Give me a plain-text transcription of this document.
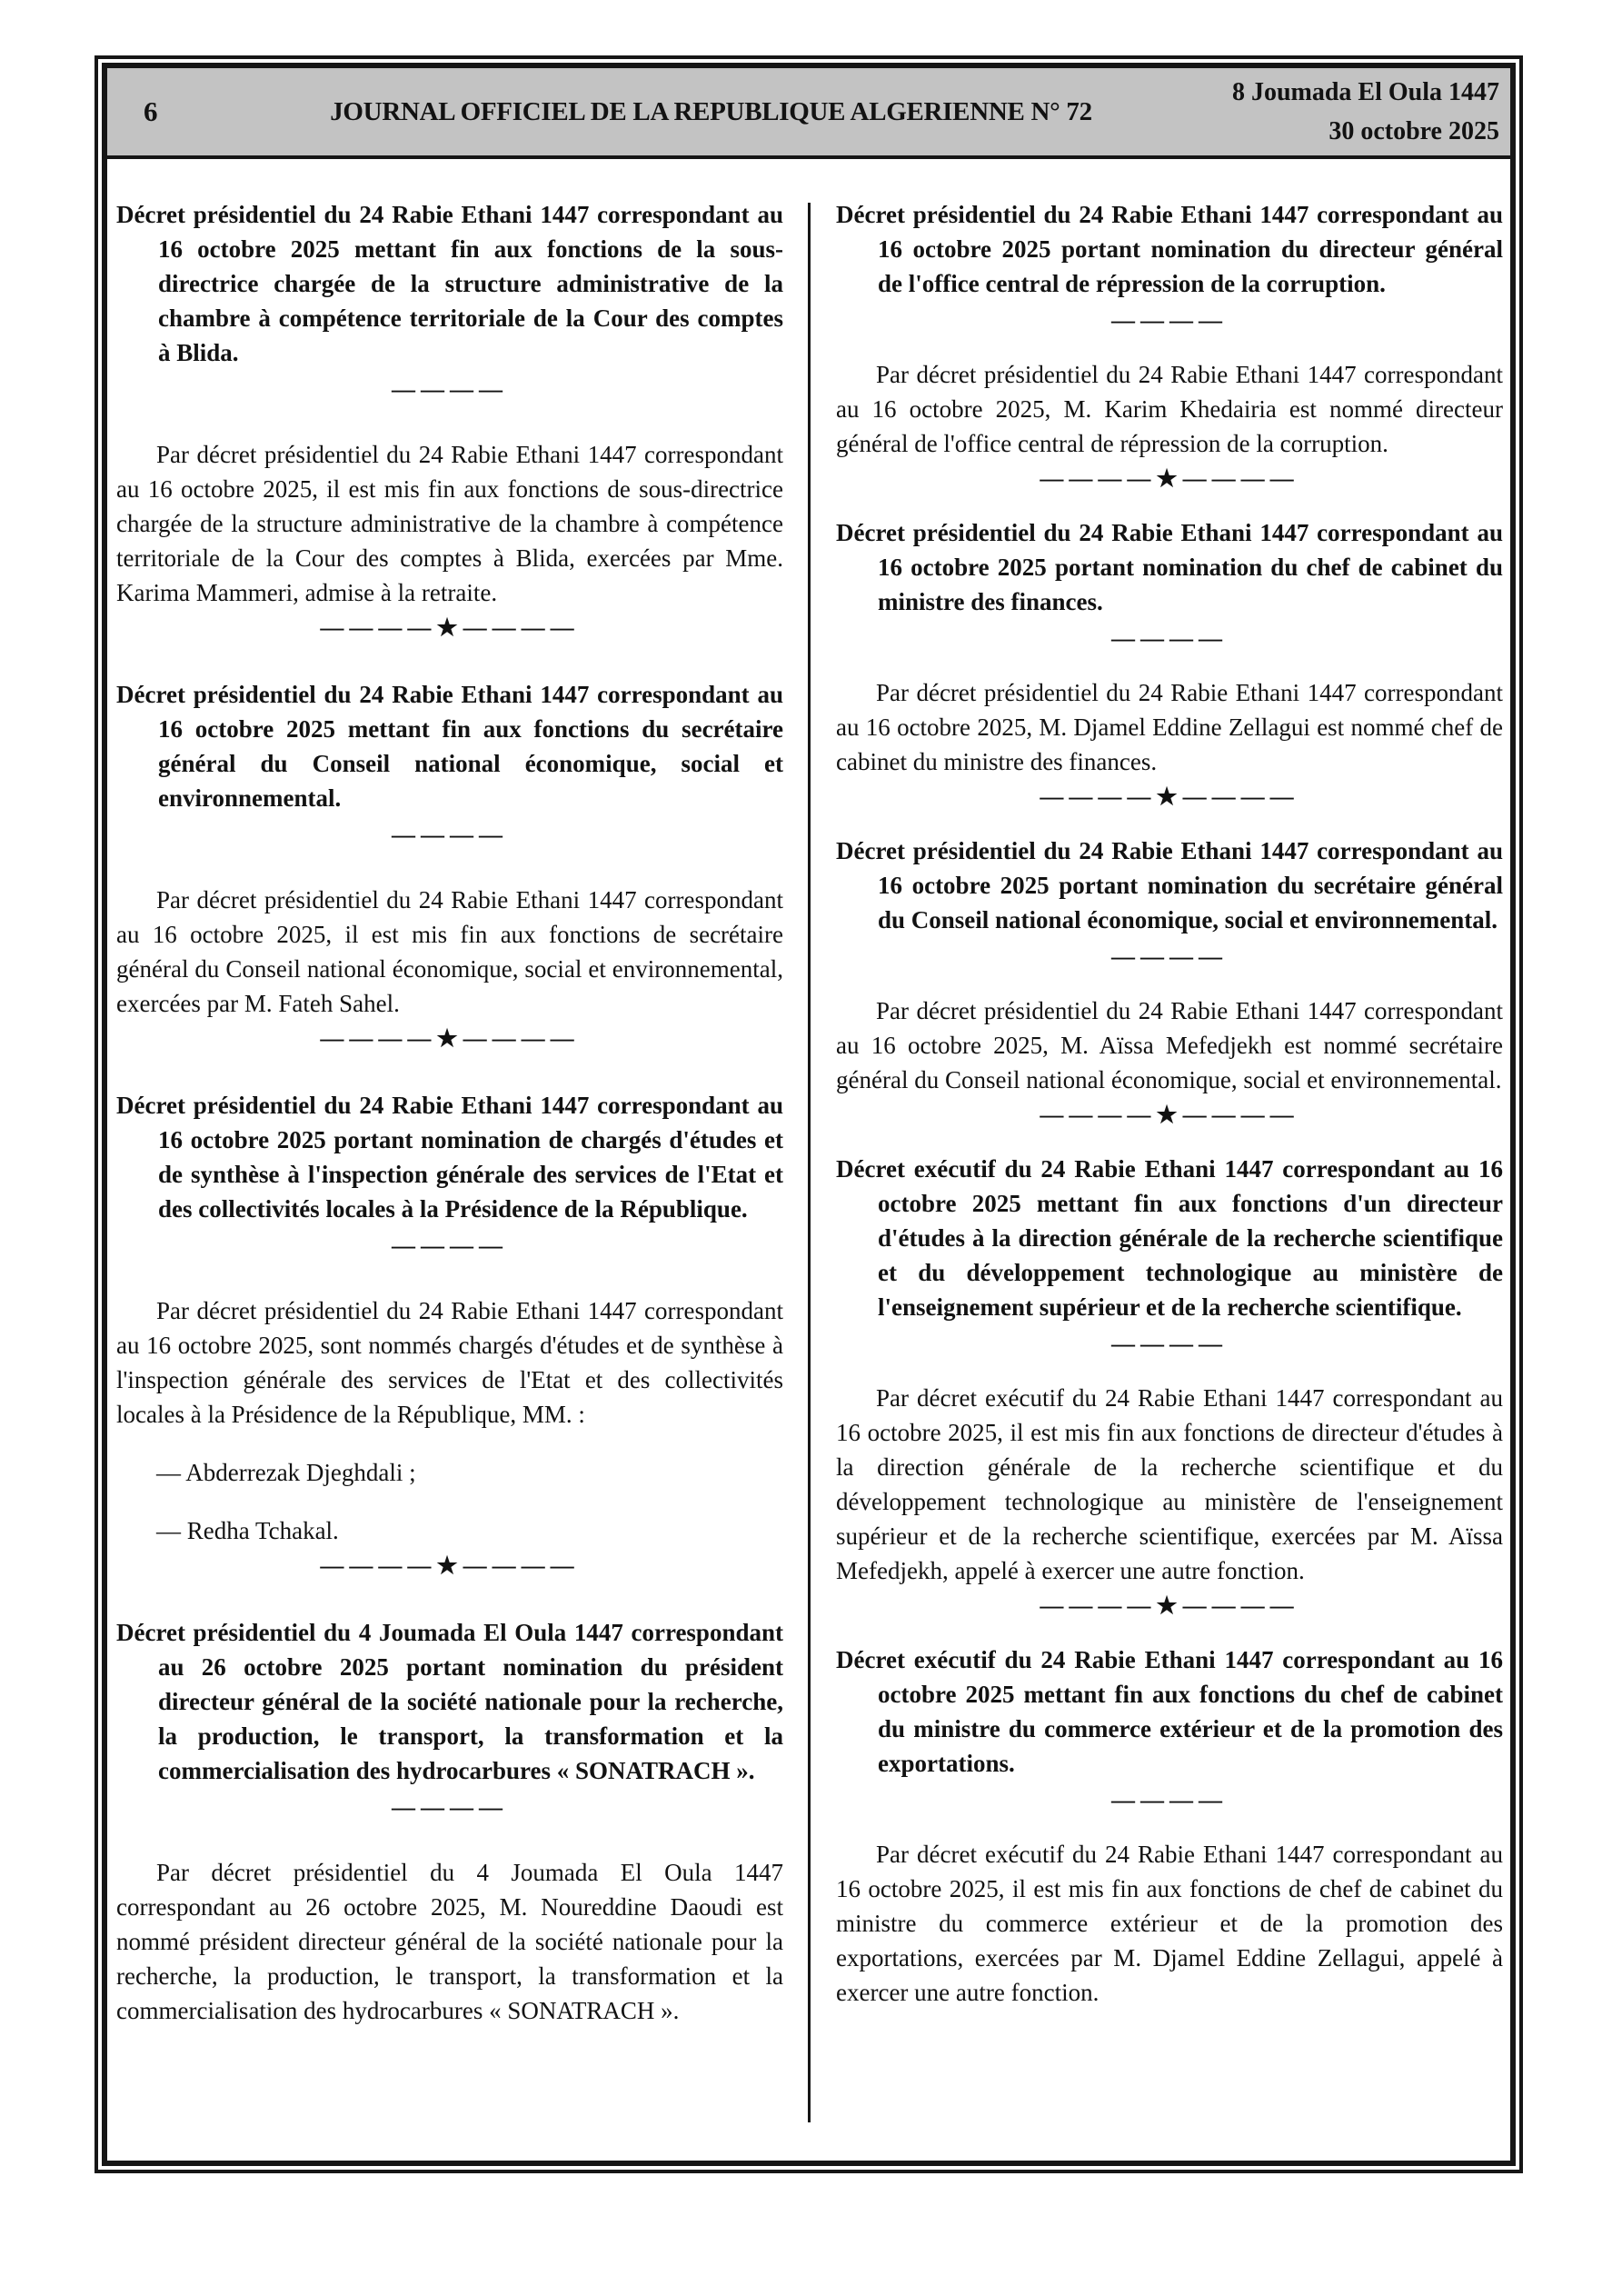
6	JOURNAL OFFICIEL DE LA REPUBLIQUE ALGERIENNE N° 72
8 Joumada El Oula 1447
30 octobre 2025
Décret présidentiel du 24 Rabie Ethani 1447 correspondant au 16 octobre 2025 mettant fin aux fonctions de la sous-directrice chargée de la structure administrative de la chambre à compétence territoriale de la Cour des comptes à Blida.
————
Par décret présidentiel du 24 Rabie Ethani 1447 correspondant au 16 octobre 2025, il est mis fin aux fonctions de sous-directrice chargée de la structure administrative de la chambre à compétence territoriale de la Cour des comptes à Blida, exercées par Mme. Karima Mammeri, admise à la retraite.
————★————
Décret présidentiel du 24 Rabie Ethani 1447 correspondant au 16 octobre 2025 mettant fin aux fonctions du secrétaire général du Conseil national économique, social et environnemental.
————
Par décret présidentiel du 24 Rabie Ethani 1447 correspondant au 16 octobre 2025, il est mis fin aux fonctions de secrétaire général du Conseil national économique, social et environnemental, exercées par M. Fateh Sahel.
————★————
Décret présidentiel du 24 Rabie Ethani 1447 correspondant au 16 octobre 2025 portant nomination de chargés d'études et de synthèse à l'inspection générale des services de l'Etat et des collectivités locales à la Présidence de la République.
————
Par décret présidentiel du 24 Rabie Ethani 1447 correspondant au 16 octobre 2025, sont nommés chargés d'études et de synthèse à l'inspection générale des services de l'Etat et des collectivités locales à la Présidence de la République, MM. :
— Abderrezak Djeghdali ;
— Redha Tchakal.
————★————
Décret présidentiel du 4 Joumada El Oula 1447 correspondant au 26 octobre 2025 portant nomination du président directeur général de la société nationale pour la recherche, la production, le transport, la transformation et la commercialisation des hydrocarbures « SONATRACH ».
————
Par décret présidentiel du 4 Joumada El Oula 1447 correspondant au 26 octobre 2025, M. Noureddine Daoudi est nommé président directeur général de la société nationale pour la recherche, la production, le transport, la transformation et la commercialisation des hydrocarbures « SONATRACH ».
Décret présidentiel du 24 Rabie Ethani 1447 correspondant au 16 octobre 2025 portant nomination du directeur général de l'office central de répression de la corruption.
————
Par décret présidentiel du 24 Rabie Ethani 1447 correspondant au 16 octobre 2025, M. Karim Khedairia est nommé directeur général de l'office central de répression de la corruption.
————★————
Décret présidentiel du 24 Rabie Ethani 1447 correspondant au 16 octobre 2025 portant nomination du chef de cabinet du ministre des finances.
————
Par décret présidentiel du 24 Rabie Ethani 1447 correspondant au 16 octobre 2025, M. Djamel Eddine Zellagui est nommé chef de cabinet du ministre des finances.
————★————
Décret présidentiel du 24 Rabie Ethani 1447 correspondant au 16 octobre 2025 portant nomination du secrétaire général du Conseil national économique, social et environnemental.
————
Par décret présidentiel du 24 Rabie Ethani 1447 correspondant au 16 octobre 2025, M. Aïssa Mefedjekh est nommé secrétaire général du Conseil national économique, social et environnemental.
————★————
Décret exécutif du 24 Rabie Ethani 1447 correspondant au 16 octobre 2025 mettant fin aux fonctions d'un directeur d'études à la direction générale de la recherche scientifique et du développement technologique au ministère de l'enseignement supérieur et de la recherche scientifique.
————
Par décret exécutif du 24 Rabie Ethani 1447 correspondant au 16 octobre 2025, il est mis fin aux fonctions de directeur d'études à la direction générale de la recherche scientifique et du développement technologique au ministère de l'enseignement supérieur et de la recherche scientifique, exercées par M. Aïssa Mefedjekh, appelé à exercer une autre fonction.
————★————
Décret exécutif du 24 Rabie Ethani 1447 correspondant au 16 octobre 2025 mettant fin aux fonctions du chef de cabinet du ministre du commerce extérieur et de la promotion des exportations.
————
Par décret exécutif du 24 Rabie Ethani 1447 correspondant au 16 octobre 2025, il est mis fin aux fonctions de chef de cabinet du ministre du commerce extérieur et de la promotion des exportations, exercées par M. Djamel Eddine Zellagui, appelé à exercer une autre fonction.
